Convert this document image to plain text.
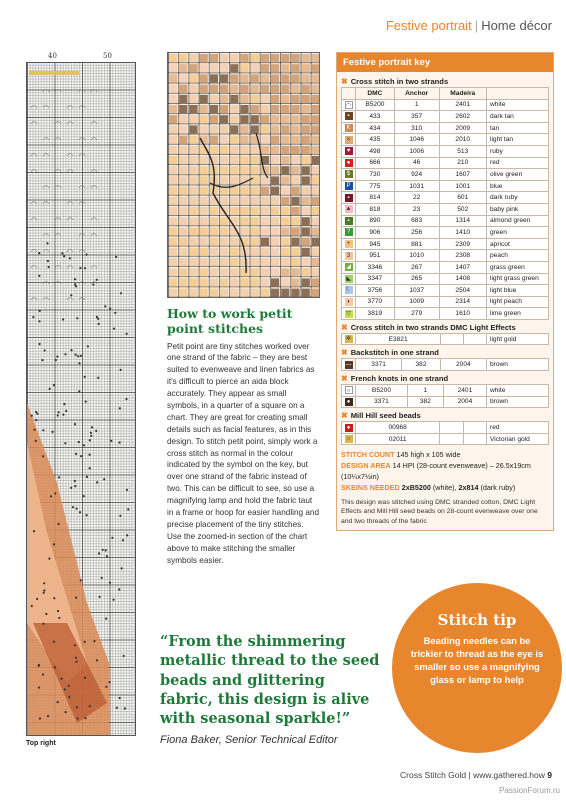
Festive portrait | Home décor
40	50
Top right
How to work petit point stitches

Petit point are tiny stitches worked over one strand of the fabric – they are best suited to evenweave and linen fabrics as it's difficult to pierce an aida block accurately. They appear as small symbols, in a quarter of a square on a chart. They are great for creating small details such as facial features, as in this design. To stitch petit point, simply work a cross stitch as normal in the colour indicated by the symbol on the key, but over one strand of the fabric instead of two. This can be difficult to see, so use a magnifying lamp and hold the fabric taut in a frame or hoop for easier handling and precise placement of the tiny stitches. Use the zoomed-in section of the chart above to make stitching the smaller symbols easier.

Festive portrait key
✖ Cross stitch in two strands
	DMC	Anchor	Madeira	
◠	B5200	1	2401	white
▪	433	357	2602	dark tan
K	434	310	2009	tan
×	435	1046	2010	light tan
♥	498	1006	513	ruby
●	666	46	210	red
$	730	924	1607	olive green
P	775	1031	1001	blue
▪	814	22	601	dark ruby
▲	818	23	502	baby pink
▪	890	683	1314	almond green
?	906	256	1410	green
+	945	881	2309	apricot
3	951	1010	2308	peach
◢	3346	267	1407	grass green
◣	3347	265	1408	light grass green
☾	3756	1037	2504	light blue
◗	3770	1009	2314	light peach
▽	3819	279	1610	lime green
✖ Cross stitch in two strands DMC Light Effects
✲	E3821			light gold
✖ Backstitch in one strand
—	3371	382	2004	brown
✖ French knots in one strand
○	B5200	1	2401	white
●	3371	382	2004	brown
✖ Mill Hill seed beads
●	00968			red
○	02011			Victorian gold
STITCH COUNT 145 high x 105 wide
DESIGN AREA 14 HPI (28-count evenweave) – 26.5x19cm (10¼x7½in)
SKEINS NEEDED 2xB5200 (white), 2x814 (dark ruby)
This design was stitched using DMC stranded cotton, DMC Light Effects and Mill Hill seed beads on 28-count evenweave over one and two threads of the fabric
“From the shimmering metallic thread to the seed beads and glittering fabric, this design is alive with seasonal sparkle!”
Fiona Baker, Senior Technical Editor
Stitch tip
Beading needles can be trickier to thread as the eye is smaller so use a magnifying glass or lamp to help
Cross Stitch Gold | www.gathered.how 9
PassionForum.ru
